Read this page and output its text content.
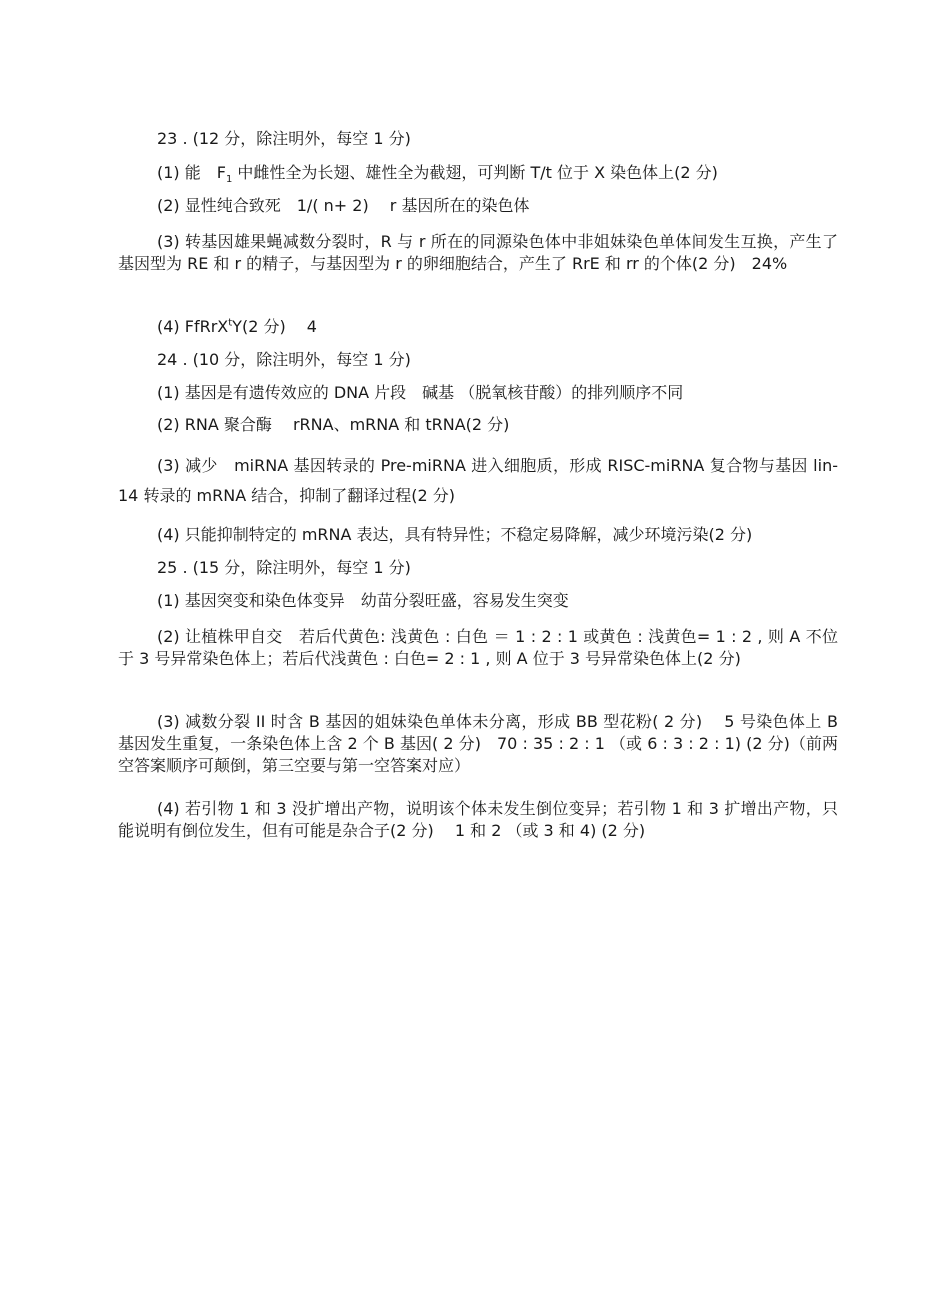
23 . (12 分，除注明外，每空 1 分)
(1) 能　$F_1$ 中雌性全为长翅、雄性全为截翅，可判断 T/t 位于 X 染色体上(2 分)
(2) 显性纯合致死　1/( n+ 2)　 r 基因所在的染色体
(3) 转基因雄果蝇减数分裂时，R 与 r 所在的同源染色体中非姐妹染色单体间发生互换，产生了基因型为 RE 和 r 的精子，与基因型为 r 的卵细胞结合，产生了 RrE 和 rr 的个体(2 分)　24%
(4) FfRrX$^t$Y(2 分)　 4
24 . (10 分，除注明外，每空 1 分)
(1) 基因是有遗传效应的 DNA 片段　碱基 （脱氧核苷酸）的排列顺序不同
(2) RNA 聚合酶　 rRNA、mRNA 和 tRNA(2 分)
(3) 减少　miRNA 基因转录的 Pre-miRNA 进入细胞质，形成 RISC-miRNA 复合物与基因 lin-14 转录的 mRNA 结合，抑制了翻译过程(2 分)
(4) 只能抑制特定的 mRNA 表达，具有特异性；不稳定易降解，减少环境污染(2 分)
25 . (15 分，除注明外，每空 1 分)
(1) 基因突变和染色体变异　幼苗分裂旺盛，容易发生突变
(2) 让植株甲自交　若后代黄色: 浅黄色 : 白色 ＝ 1 : 2 : 1 或黄色 : 浅黄色= 1 : 2 , 则 A 不位于 3 号异常染色体上；若后代浅黄色 : 白色= 2 : 1 , 则 A 位于 3 号异常染色体上(2 分)
(3) 减数分裂 II 时含 B 基因的姐妹染色单体未分离，形成 BB 型花粉( 2 分)　 5 号染色体上 B 基因发生重复，一条染色体上含 2 个 B 基因( 2 分)　70 : 35 : 2 : 1 （或 6 : 3 : 2 : 1) (2 分)（前两空答案顺序可颠倒，第三空要与第一空答案对应）
(4) 若引物 1 和 3 没扩增出产物，说明该个体未发生倒位变异；若引物 1 和 3 扩增出产物，只能说明有倒位发生，但有可能是杂合子(2 分)　 1 和 2 （或 3 和 4) (2 分)
